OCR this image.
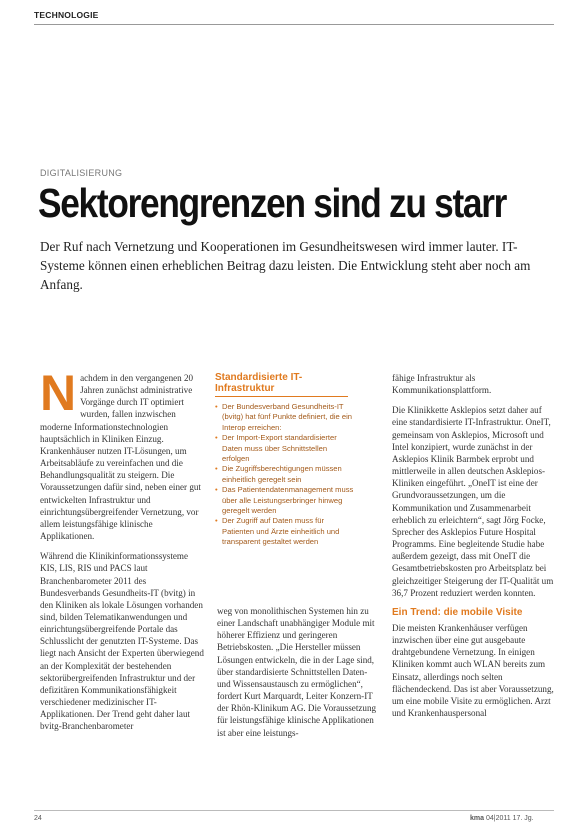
TECHNOLOGIE
DIGITALISIERUNG
Sektorengrenzen sind zu starr
Der Ruf nach Vernetzung und Kooperationen im Gesundheitswesen wird immer lauter. IT-Systeme können einen erheblichen Beitrag dazu leisten. Die Entwicklung steht aber noch am Anfang.

Nachdem in den vergangenen 20 Jahren zunächst administrative Vorgänge durch IT optimiert wurden, fallen inzwischen moderne Informationstechnologien hauptsächlich in Kliniken Einzug. Krankenhäuser nutzen IT-Lösungen, um Arbeitsabläufe zu vereinfachen und die Behandlungsqualität zu steigern. Die Voraussetzungen dafür sind, neben einer gut entwickelten Infrastruktur und einrichtungsübergreifender Vernetzung, vor allem leistungsfähige klinische Applikationen.

Während die Klinikinformationssysteme KIS, LIS, RIS und PACS laut Branchenbarometer 2011 des Bundesverbands Gesundheits-IT (bvitg) in den Kliniken als lokale Lösungen vorhanden sind, bilden Telematikanwendungen und einrichtungsübergreifende Portale das Schlusslicht der genutzten IT-Systeme. Das liegt nach Ansicht der Experten überwiegend an der Komplexität der bestehenden sektorübergreifenden Infrastruktur und der defizitären Kommunikationsfähigkeit verschiedener medizinischer IT-Applikationen. Der Trend geht daher laut bvitg-Branchenbarometer

Standardisierte IT-Infrastruktur
• Der Bundesverband Gesundheits-IT (bvitg) hat fünf Punkte definiert, die ein Interop erreichen:
• Der Import-Export standardisierter Daten muss über Schnittstellen erfolgen
• Die Zugriffsberechtigungen müssen einheitlich geregelt sein
• Das Patientendatenmanagement muss über alle Leistungserbringer hinweg geregelt werden
• Der Zugriff auf Daten muss für Patienten und Ärzte einheitlich und transparent gestaltet werden

weg von monolithischen Systemen hin zu einer Landschaft unabhängiger Module mit höherer Effizienz und geringeren Betriebskosten. „Die Hersteller müssen Lösungen entwickeln, die in der Lage sind, über standardisierte Schnittstellen Daten- und Wissensaustausch zu ermöglichen“, fordert Kurt Marquardt, Leiter Konzern-IT der Rhön-Klinikum AG. Die Voraussetzung für leistungsfähige klinische Applikationen ist aber eine leistungs-

fähige Infrastruktur als Kommunikationsplattform.

Die Klinikkette Asklepios setzt daher auf eine standardisierte IT-Infrastruktur. OneIT, gemeinsam von Asklepios, Microsoft und Intel konzipiert, wurde zunächst in der Asklepios Klinik Barmbek erprobt und mittlerweile in allen deutschen Asklepios-Kliniken eingeführt. „OneIT ist eine der Grundvoraussetzungen, um die Kommunikation und Zusammenarbeit erheblich zu erleichtern“, sagt Jörg Focke, Sprecher des Asklepios Future Hospital Programms. Eine begleitende Studie habe außerdem gezeigt, dass mit OneIT die Gesamtbetriebskosten pro Arbeitsplatz bei gleichzeitiger Steigerung der IT-Qualität um 36,7 Prozent reduziert werden konnten.

Ein Trend: die mobile Visite

Die meisten Krankenhäuser verfügen inzwischen über eine gut ausgebaute drahtgebundene Vernetzung. In einigen Kliniken kommt auch WLAN bereits zum Einsatz, allerdings noch selten flächendeckend. Das ist aber Voraussetzung, um eine mobile Visite zu ermöglichen. Arzt und Krankenhauspersonal

24	kma 04|2011 17. Jg.
